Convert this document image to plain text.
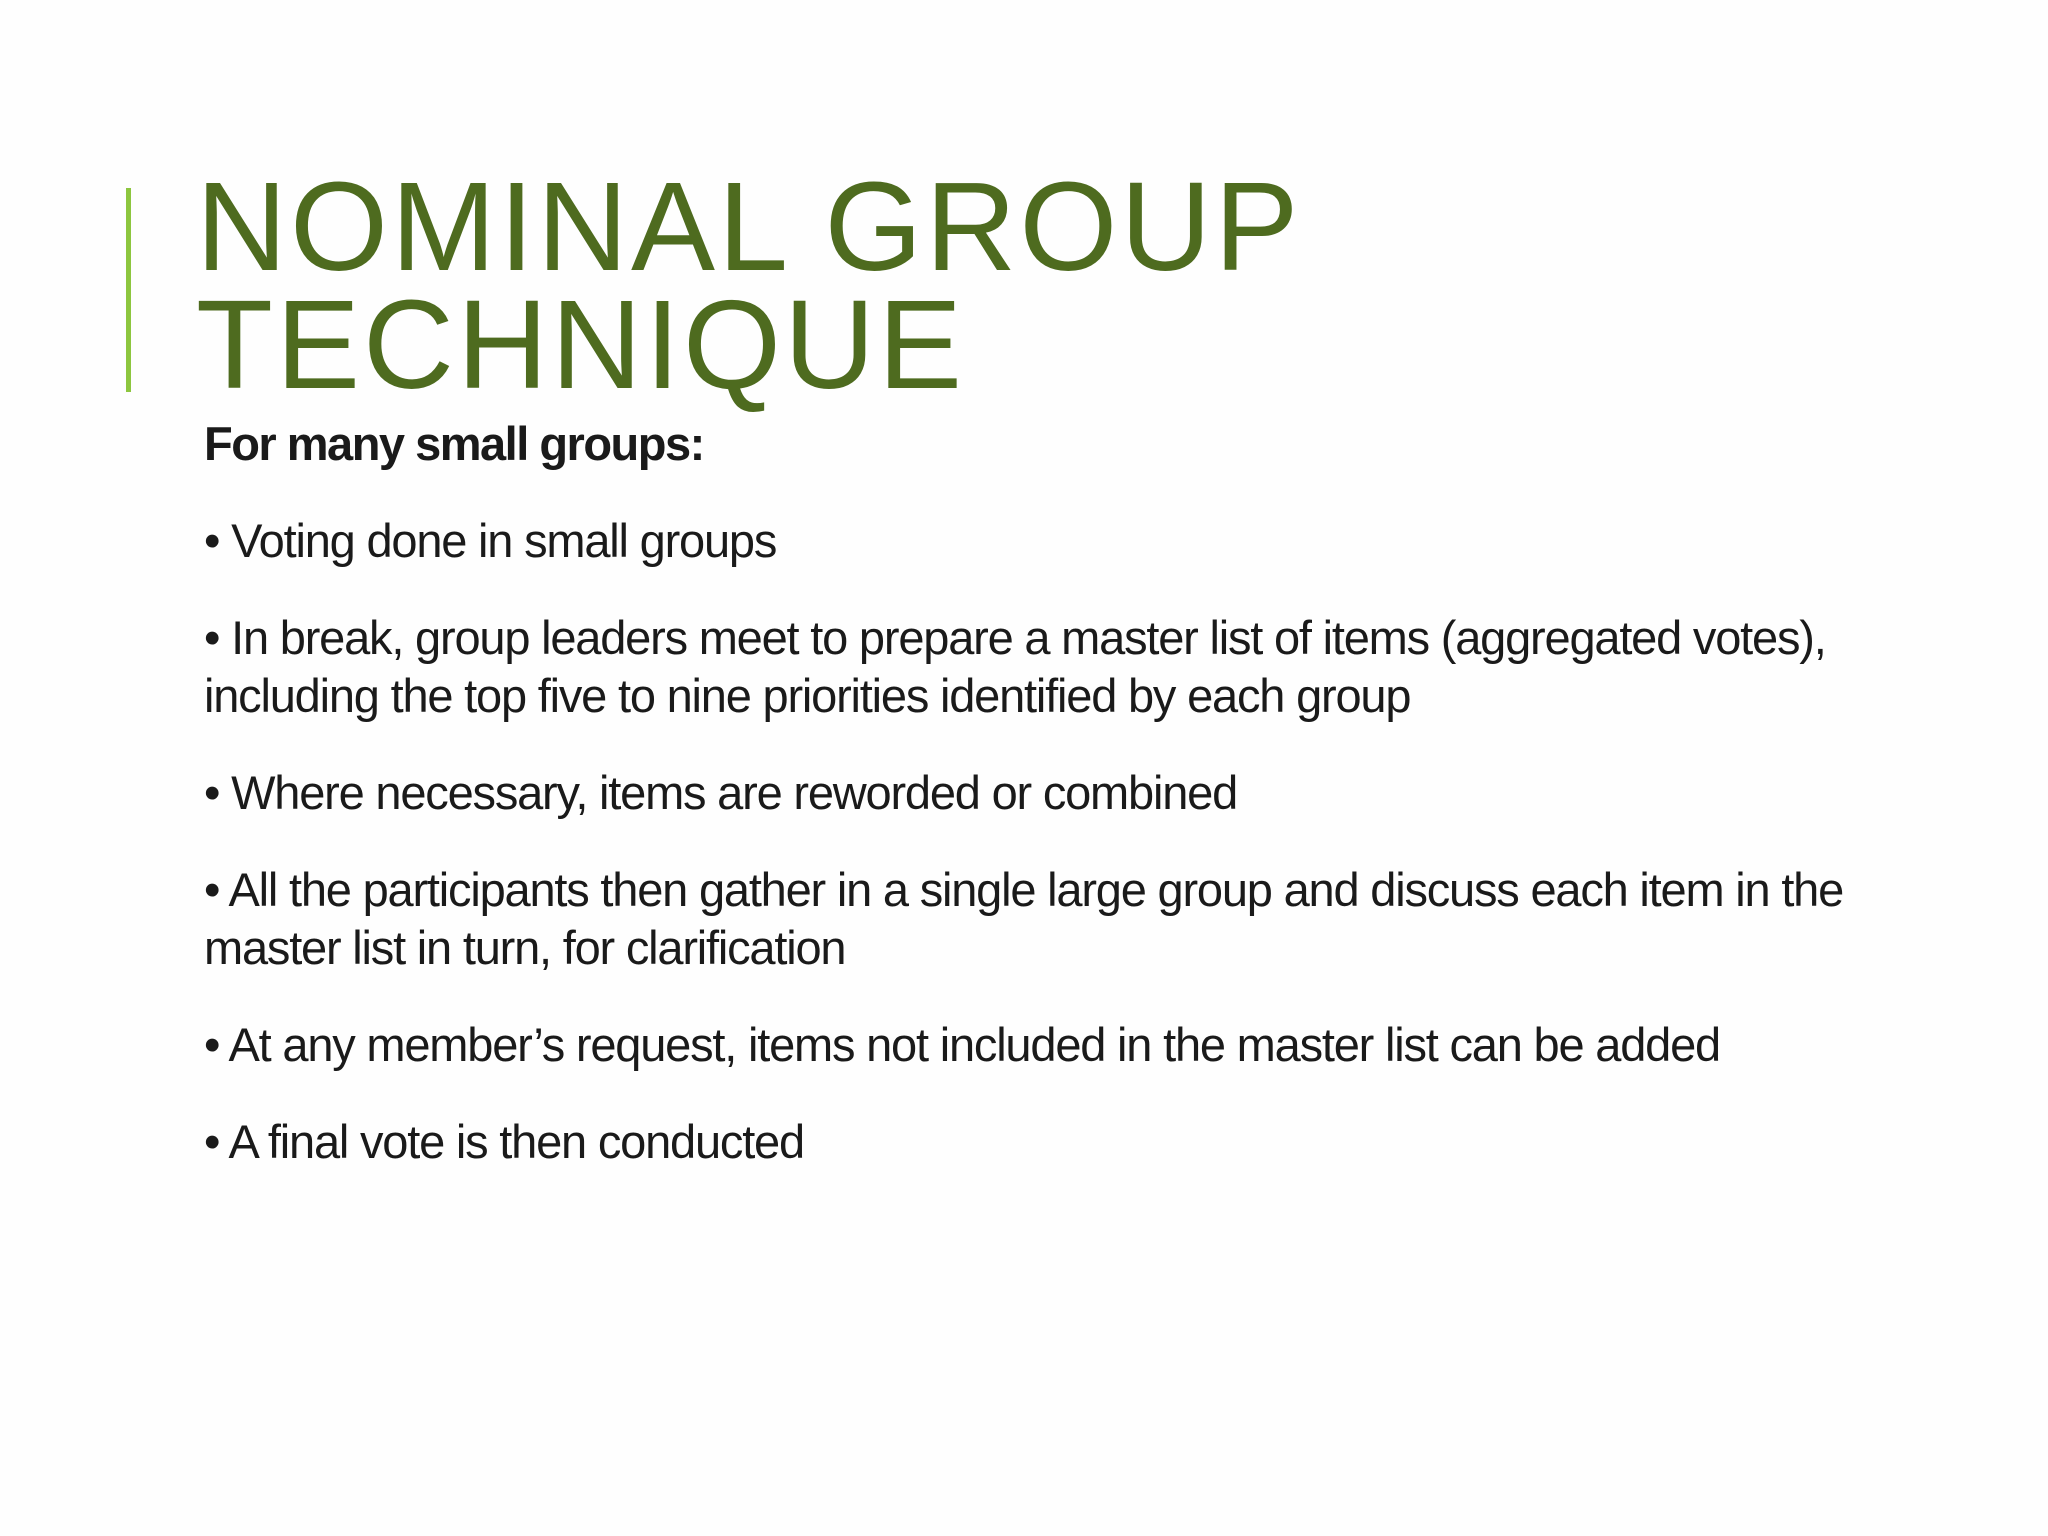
NOMINAL GROUP
TECHNIQUE

For many small groups:

• Voting done in small groups

• In break, group leaders meet to prepare a master list of items (aggregated votes), including the top five to nine priorities identified by each group

• Where necessary, items are reworded or combined

• All the participants then gather in a single large group and discuss each item in the master list in turn, for clarification

• At any member’s request, items not included in the master list can be added

• A final vote is then conducted
